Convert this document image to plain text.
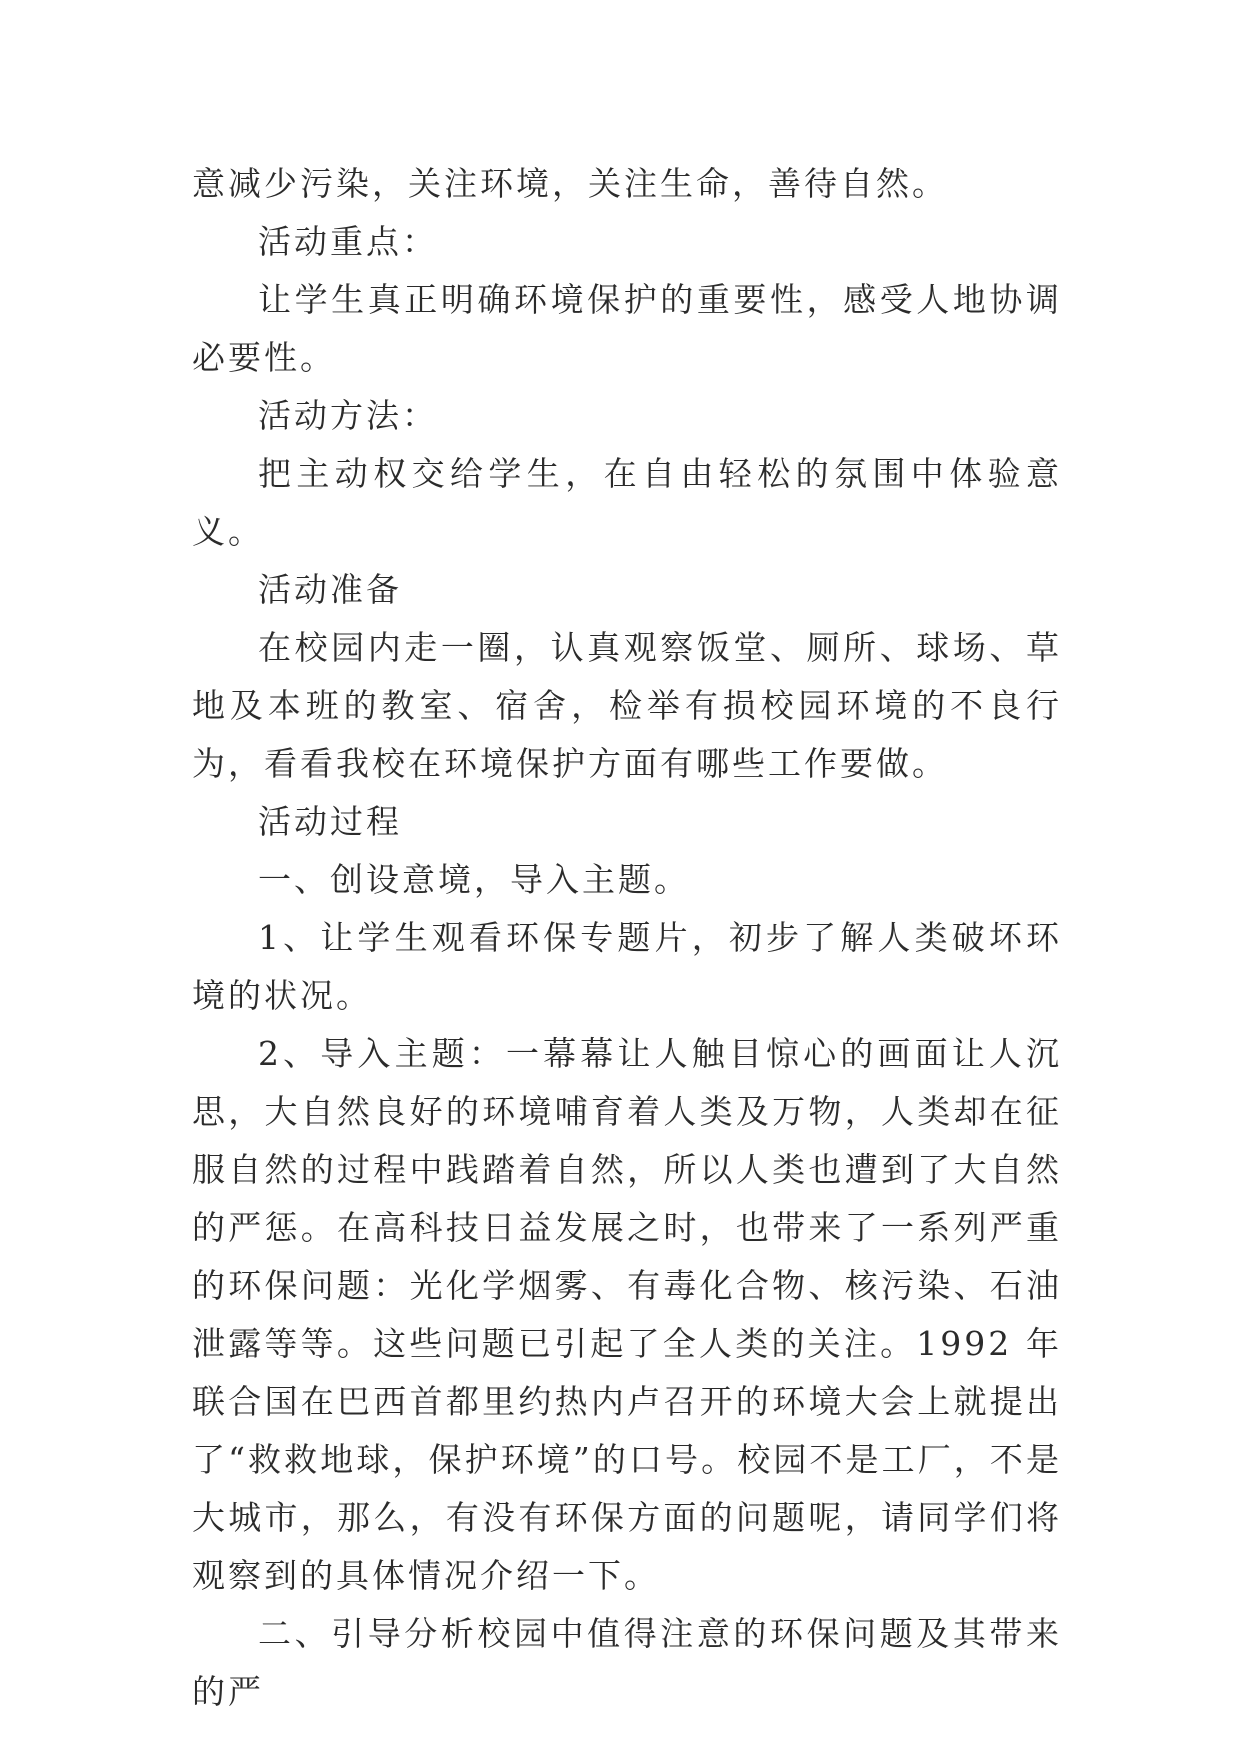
意减少污染，关注环境，关注生命，善待自然。

活动重点：

让学生真正明确环境保护的重要性，感受人地协调必要性。

活动方法：

把主动权交给学生，在自由轻松的氛围中体验意义。

活动准备

在校园内走一圈，认真观察饭堂、厕所、球场、草地及本班的教室、宿舍，检举有损校园环境的不良行为，看看我校在环境保护方面有哪些工作要做。

活动过程

一、创设意境，导入主题。

1、让学生观看环保专题片，初步了解人类破坏环境的状况。

2、导入主题：一幕幕让人触目惊心的画面让人沉思，大自然良好的环境哺育着人类及万物，人类却在征服自然的过程中践踏着自然，所以人类也遭到了大自然的严惩。在高科技日益发展之时，也带来了一系列严重的环保问题：光化学烟雾、有毒化合物、核污染、石油泄露等等。这些问题已引起了全人类的关注。1992 年联合国在巴西首都里约热内卢召开的环境大会上就提出了“救救地球，保护环境”的口号。校园不是工厂，不是大城市，那么，有没有环保方面的问题呢，请同学们将观察到的具体情况介绍一下。

二、引导分析校园中值得注意的环保问题及其带来的严
